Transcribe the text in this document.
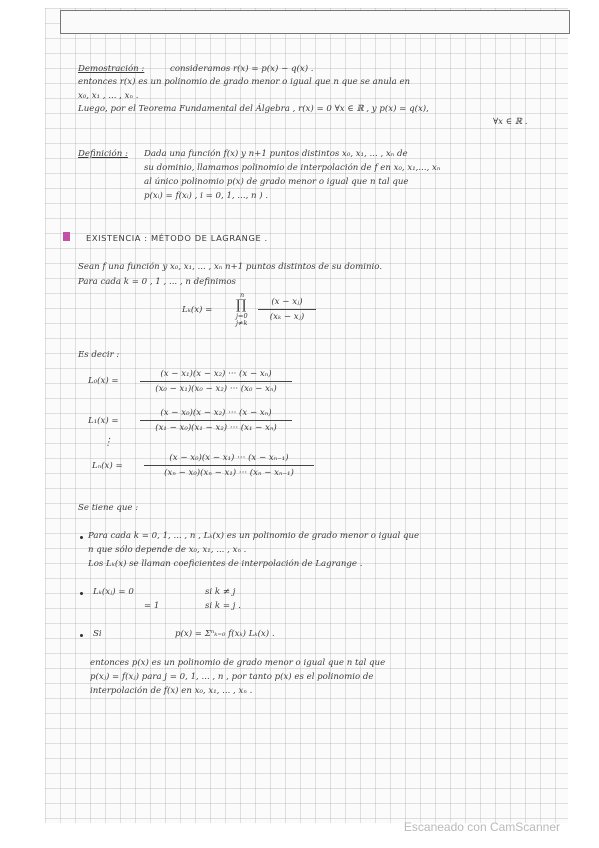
Demostración :	consideramos r(x) = p(x) − q(x) .
entonces r(x) es un polinomio de grado menor o igual que n que se anula en
x₀, x₁ , ... , xₙ .
Luego, por el Teorema Fundamental del Álgebra , r(x) = 0 ∀x ∈ ℝ , y p(x) = q(x),
∀x ∈ ℝ .
Definición : Dada una función f(x) y n+1 puntos distintos x₀, x₁, ... , xₙ de
su dominio, llamamos polinomio de interpolación de f en x₀, x₁,..., xₙ
al único polinomio p(x) de grado menor o igual que n tal que
p(xᵢ) = f(xᵢ) , i = 0, 1, ..., n ) .
EXISTENCIA : MÉTODO DE LAGRANGE .
Sean f una función y x₀, x₁, ... , xₙ n+1 puntos distintos de su dominio.
Para cada k = 0 , 1 , ... , n definimos
Lₖ(x) =
n
∏
j=0
$j\ne k \frac{\text{(x − xⱼ)}}{\text{(xₖ − xⱼ)}}$
Es decir :
$L_0(x) = \frac{\text{(x − x₁)(x − x₂) ··· (x − xₙ)}}{\text{(x₀ − x₁)(x₀ − x₂) ··· (x₀ − xₙ)}}$
$L_1(x) = \frac{\text{(x − x₀)(x − x₂) ··· (x − xₙ)}}{\text{(x₁ − x₀)(x₁ − x₂) ··· (x₁ − xₙ)}}$
⋮
$L_n(x) = \frac{\text{(x − x₀)(x − x₁) ··· (x − xₙ₋₁)}}{\text{(xₙ − x₀)(xₙ − x₁) ··· (xₙ − xₙ₋₁)}}$
Se tiene que :
Para cada k = 0, 1, ... , n , Lₖ(x) es un polinomio de grado menor o igual que
n que sólo depende de x₀, x₁, ... , xₙ .
Los Lₖ(x) se llaman coeficientes de interpolación de Lagrange .
Lₖ(xⱼ) = 0	si k ≠ j
= 1	si k = j .
Si	p(x) = Σⁿₖ₌₀ f(xₖ) Lₖ(x) .
entonces p(x) es un polinomio de grado menor o igual que n tal que
p(xⱼ) = f(xⱼ) para j = 0, 1, ... , n , por tanto p(x) es el polinomio de
interpolación de f(x) en x₀, x₁, ... , xₙ .
Escaneado con CamScanner
